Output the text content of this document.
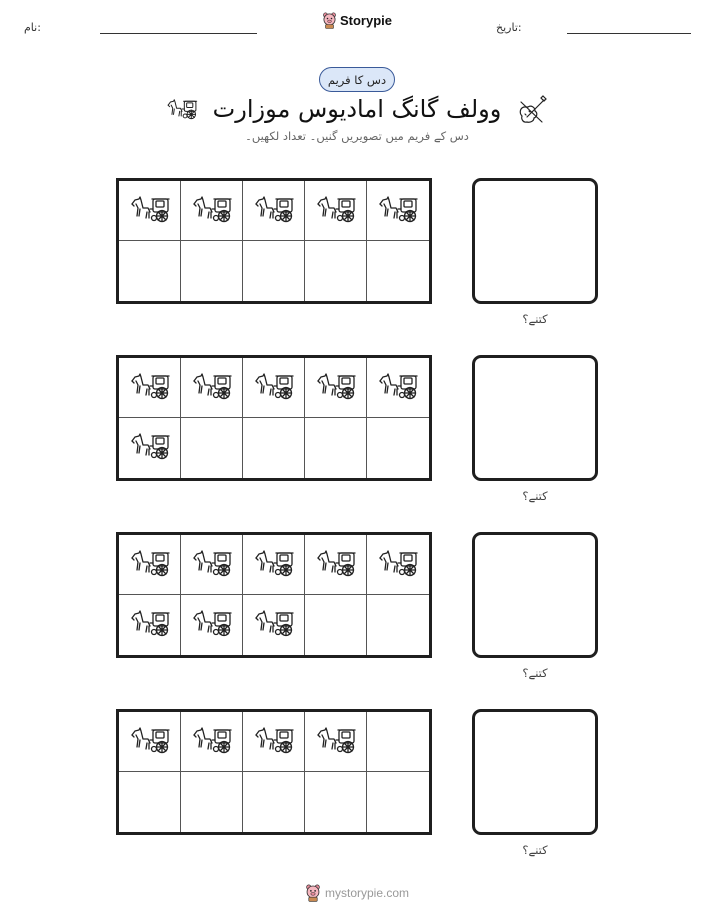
نام:	Storypie	تاریخ:
دس کا فریم
وولف گانگ امادیوس موزارت
دس کے فریم میں تصویریں گنیں۔ تعداد لکھیں۔
کتنے؟
کتنے؟
کتنے؟
کتنے؟
mystorypie.com
